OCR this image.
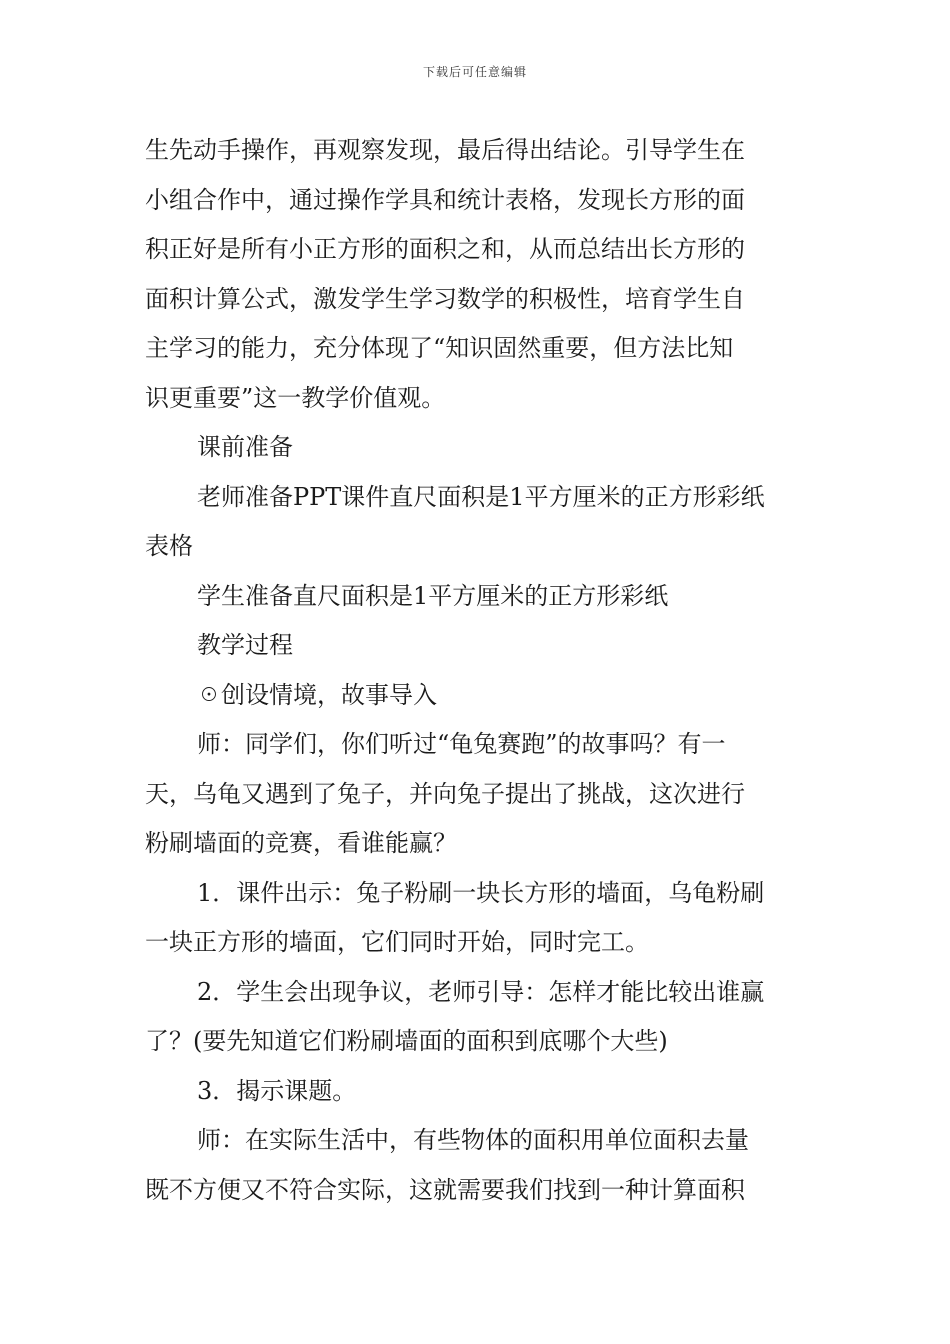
下载后可任意编辑
生先动手操作，再观察发现，最后得出结论。引导学生在
小组合作中，通过操作学具和统计表格，发现长方形的面
积正好是所有小正方形的面积之和，从而总结出长方形的
面积计算公式，激发学生学习数学的积极性，培育学生自
主学习的能力，充分体现了“知识固然重要，但方法比知
识更重要”这一教学价值观。
课前准备
老师准备PPT课件直尺面积是1平方厘米的正方形彩纸
表格
学生准备直尺面积是1平方厘米的正方形彩纸
教学过程
☉创设情境，故事导入
师：同学们，你们听过“龟兔赛跑”的故事吗？有一
天，乌龟又遇到了兔子，并向兔子提出了挑战，这次进行
粉刷墙面的竞赛，看谁能赢？
1．课件出示：兔子粉刷一块长方形的墙面，乌龟粉刷
一块正方形的墙面，它们同时开始，同时完工。
2．学生会出现争议，老师引导：怎样才能比较出谁赢
了？(要先知道它们粉刷墙面的面积到底哪个大些)
3．揭示课题。
师：在实际生活中，有些物体的面积用单位面积去量
既不方便又不符合实际，这就需要我们找到一种计算面积
